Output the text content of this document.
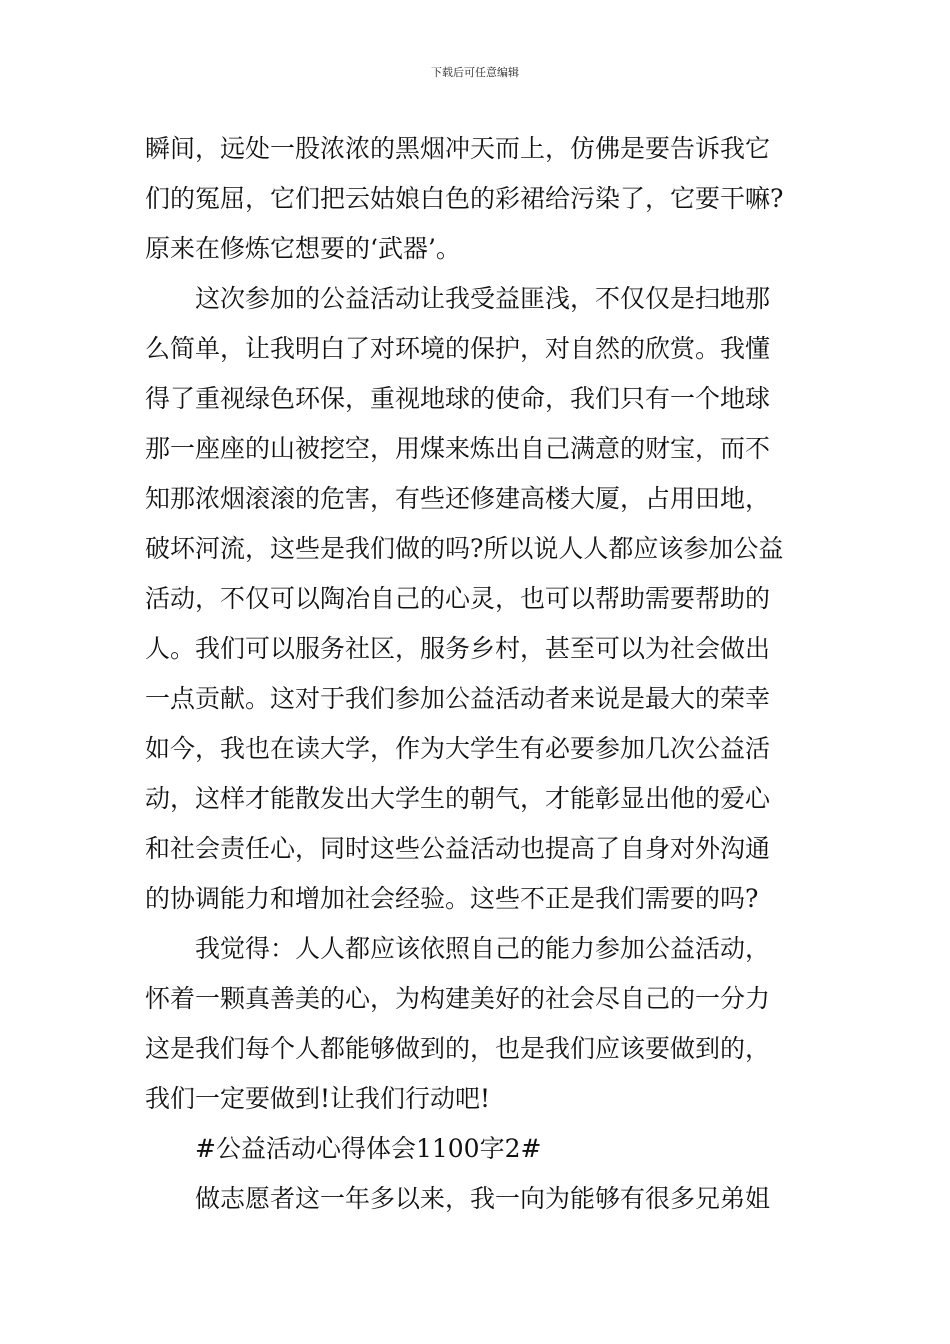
下载后可任意编辑
瞬间，远处一股浓浓的黑烟冲天而上，仿佛是要告诉我它
们的冤屈，它们把云姑娘白色的彩裙给污染了，它要干嘛?
原来在修炼它想要的‘武器’。
这次参加的公益活动让我受益匪浅，不仅仅是扫地那
么简单，让我明白了对环境的保护，对自然的欣赏。我懂
得了重视绿色环保，重视地球的使命，我们只有一个地球
那一座座的山被挖空，用煤来炼出自己满意的财宝，而不
知那浓烟滚滚的危害，有些还修建高楼大厦，占用田地，
破坏河流，这些是我们做的吗?所以说人人都应该参加公益
活动，不仅可以陶冶自己的心灵，也可以帮助需要帮助的
人。我们可以服务社区，服务乡村，甚至可以为社会做出
一点贡献。这对于我们参加公益活动者来说是最大的荣幸
如今，我也在读大学，作为大学生有必要参加几次公益活
动，这样才能散发出大学生的朝气，才能彰显出他的爱心
和社会责任心，同时这些公益活动也提高了自身对外沟通
的协调能力和增加社会经验。这些不正是我们需要的吗?
我觉得：人人都应该依照自己的能力参加公益活动，
怀着一颗真善美的心，为构建美好的社会尽自己的一分力
这是我们每个人都能够做到的，也是我们应该要做到的，
我们一定要做到!让我们行动吧!
#公益活动心得体会1100字2#
做志愿者这一年多以来，我一向为能够有很多兄弟姐
